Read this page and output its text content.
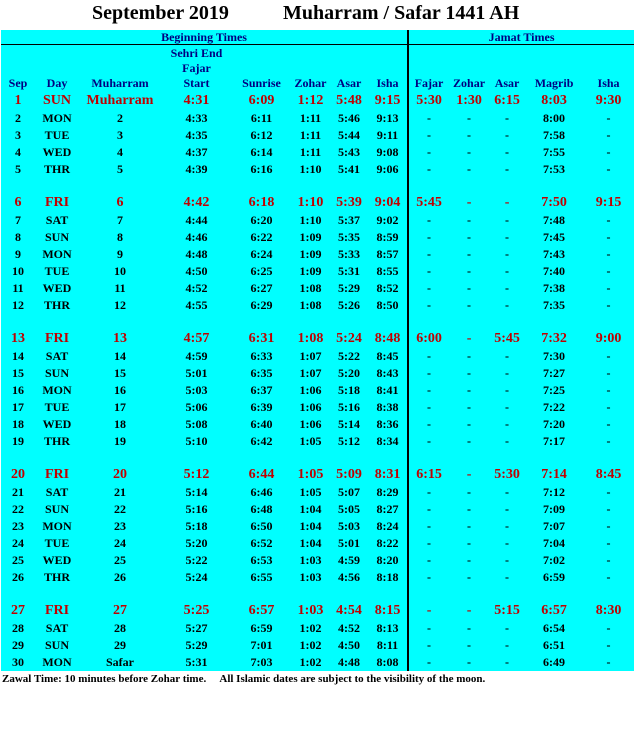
September 2019	Muharram / Safar 1441 AH
Beginning Times								Jamat Times				
			Sehri End									
			Fajar									
Sep	Day	Muharram	Start	Sunrise	Zohar	Asar	Isha	Fajar	Zohar	Asar	Magrib	Isha
1	SUN	Muharram	4:31	6:09	1:12	5:48	9:15	5:30	1:30	6:15	8:03	9:30
2	MON	2	4:33	6:11	1:11	5:46	9:13	-	-	-	8:00	-
3	TUE	3	4:35	6:12	1:11	5:44	9:11	-	-	-	7:58	-
4	WED	4	4:37	6:14	1:11	5:43	9:08	-	-	-	7:55	-
5	THR	5	4:39	6:16	1:10	5:41	9:06	-	-	-	7:53	-

6	FRI	6	4:42	6:18	1:10	5:39	9:04	5:45	-	-	7:50	9:15
7	SAT	7	4:44	6:20	1:10	5:37	9:02	-	-	-	7:48	-
8	SUN	8	4:46	6:22	1:09	5:35	8:59	-	-	-	7:45	-
9	MON	9	4:48	6:24	1:09	5:33	8:57	-	-	-	7:43	-
10	TUE	10	4:50	6:25	1:09	5:31	8:55	-	-	-	7:40	-
11	WED	11	4:52	6:27	1:08	5:29	8:52	-	-	-	7:38	-
12	THR	12	4:55	6:29	1:08	5:26	8:50	-	-	-	7:35	-

13	FRI	13	4:57	6:31	1:08	5:24	8:48	6:00	-	5:45	7:32	9:00
14	SAT	14	4:59	6:33	1:07	5:22	8:45	-	-	-	7:30	-
15	SUN	15	5:01	6:35	1:07	5:20	8:43	-	-	-	7:27	-
16	MON	16	5:03	6:37	1:06	5:18	8:41	-	-	-	7:25	-
17	TUE	17	5:06	6:39	1:06	5:16	8:38	-	-	-	7:22	-
18	WED	18	5:08	6:40	1:06	5:14	8:36	-	-	-	7:20	-
19	THR	19	5:10	6:42	1:05	5:12	8:34	-	-	-	7:17	-

20	FRI	20	5:12	6:44	1:05	5:09	8:31	6:15	-	5:30	7:14	8:45
21	SAT	21	5:14	6:46	1:05	5:07	8:29	-	-	-	7:12	-
22	SUN	22	5:16	6:48	1:04	5:05	8:27	-	-	-	7:09	-
23	MON	23	5:18	6:50	1:04	5:03	8:24	-	-	-	7:07	-
24	TUE	24	5:20	6:52	1:04	5:01	8:22	-	-	-	7:04	-
25	WED	25	5:22	6:53	1:03	4:59	8:20	-	-	-	7:02	-
26	THR	26	5:24	6:55	1:03	4:56	8:18	-	-	-	6:59	-

27	FRI	27	5:25	6:57	1:03	4:54	8:15	-	-	5:15	6:57	8:30
28	SAT	28	5:27	6:59	1:02	4:52	8:13	-	-	-	6:54	-
29	SUN	29	5:29	7:01	1:02	4:50	8:11	-	-	-	6:51	-
30	MON	Safar	5:31	7:03	1:02	4:48	8:08	-	-	-	6:49	-
Zawal Time: 10 minutes before Zohar time. All Islamic dates are subject to the visibility of the moon.
